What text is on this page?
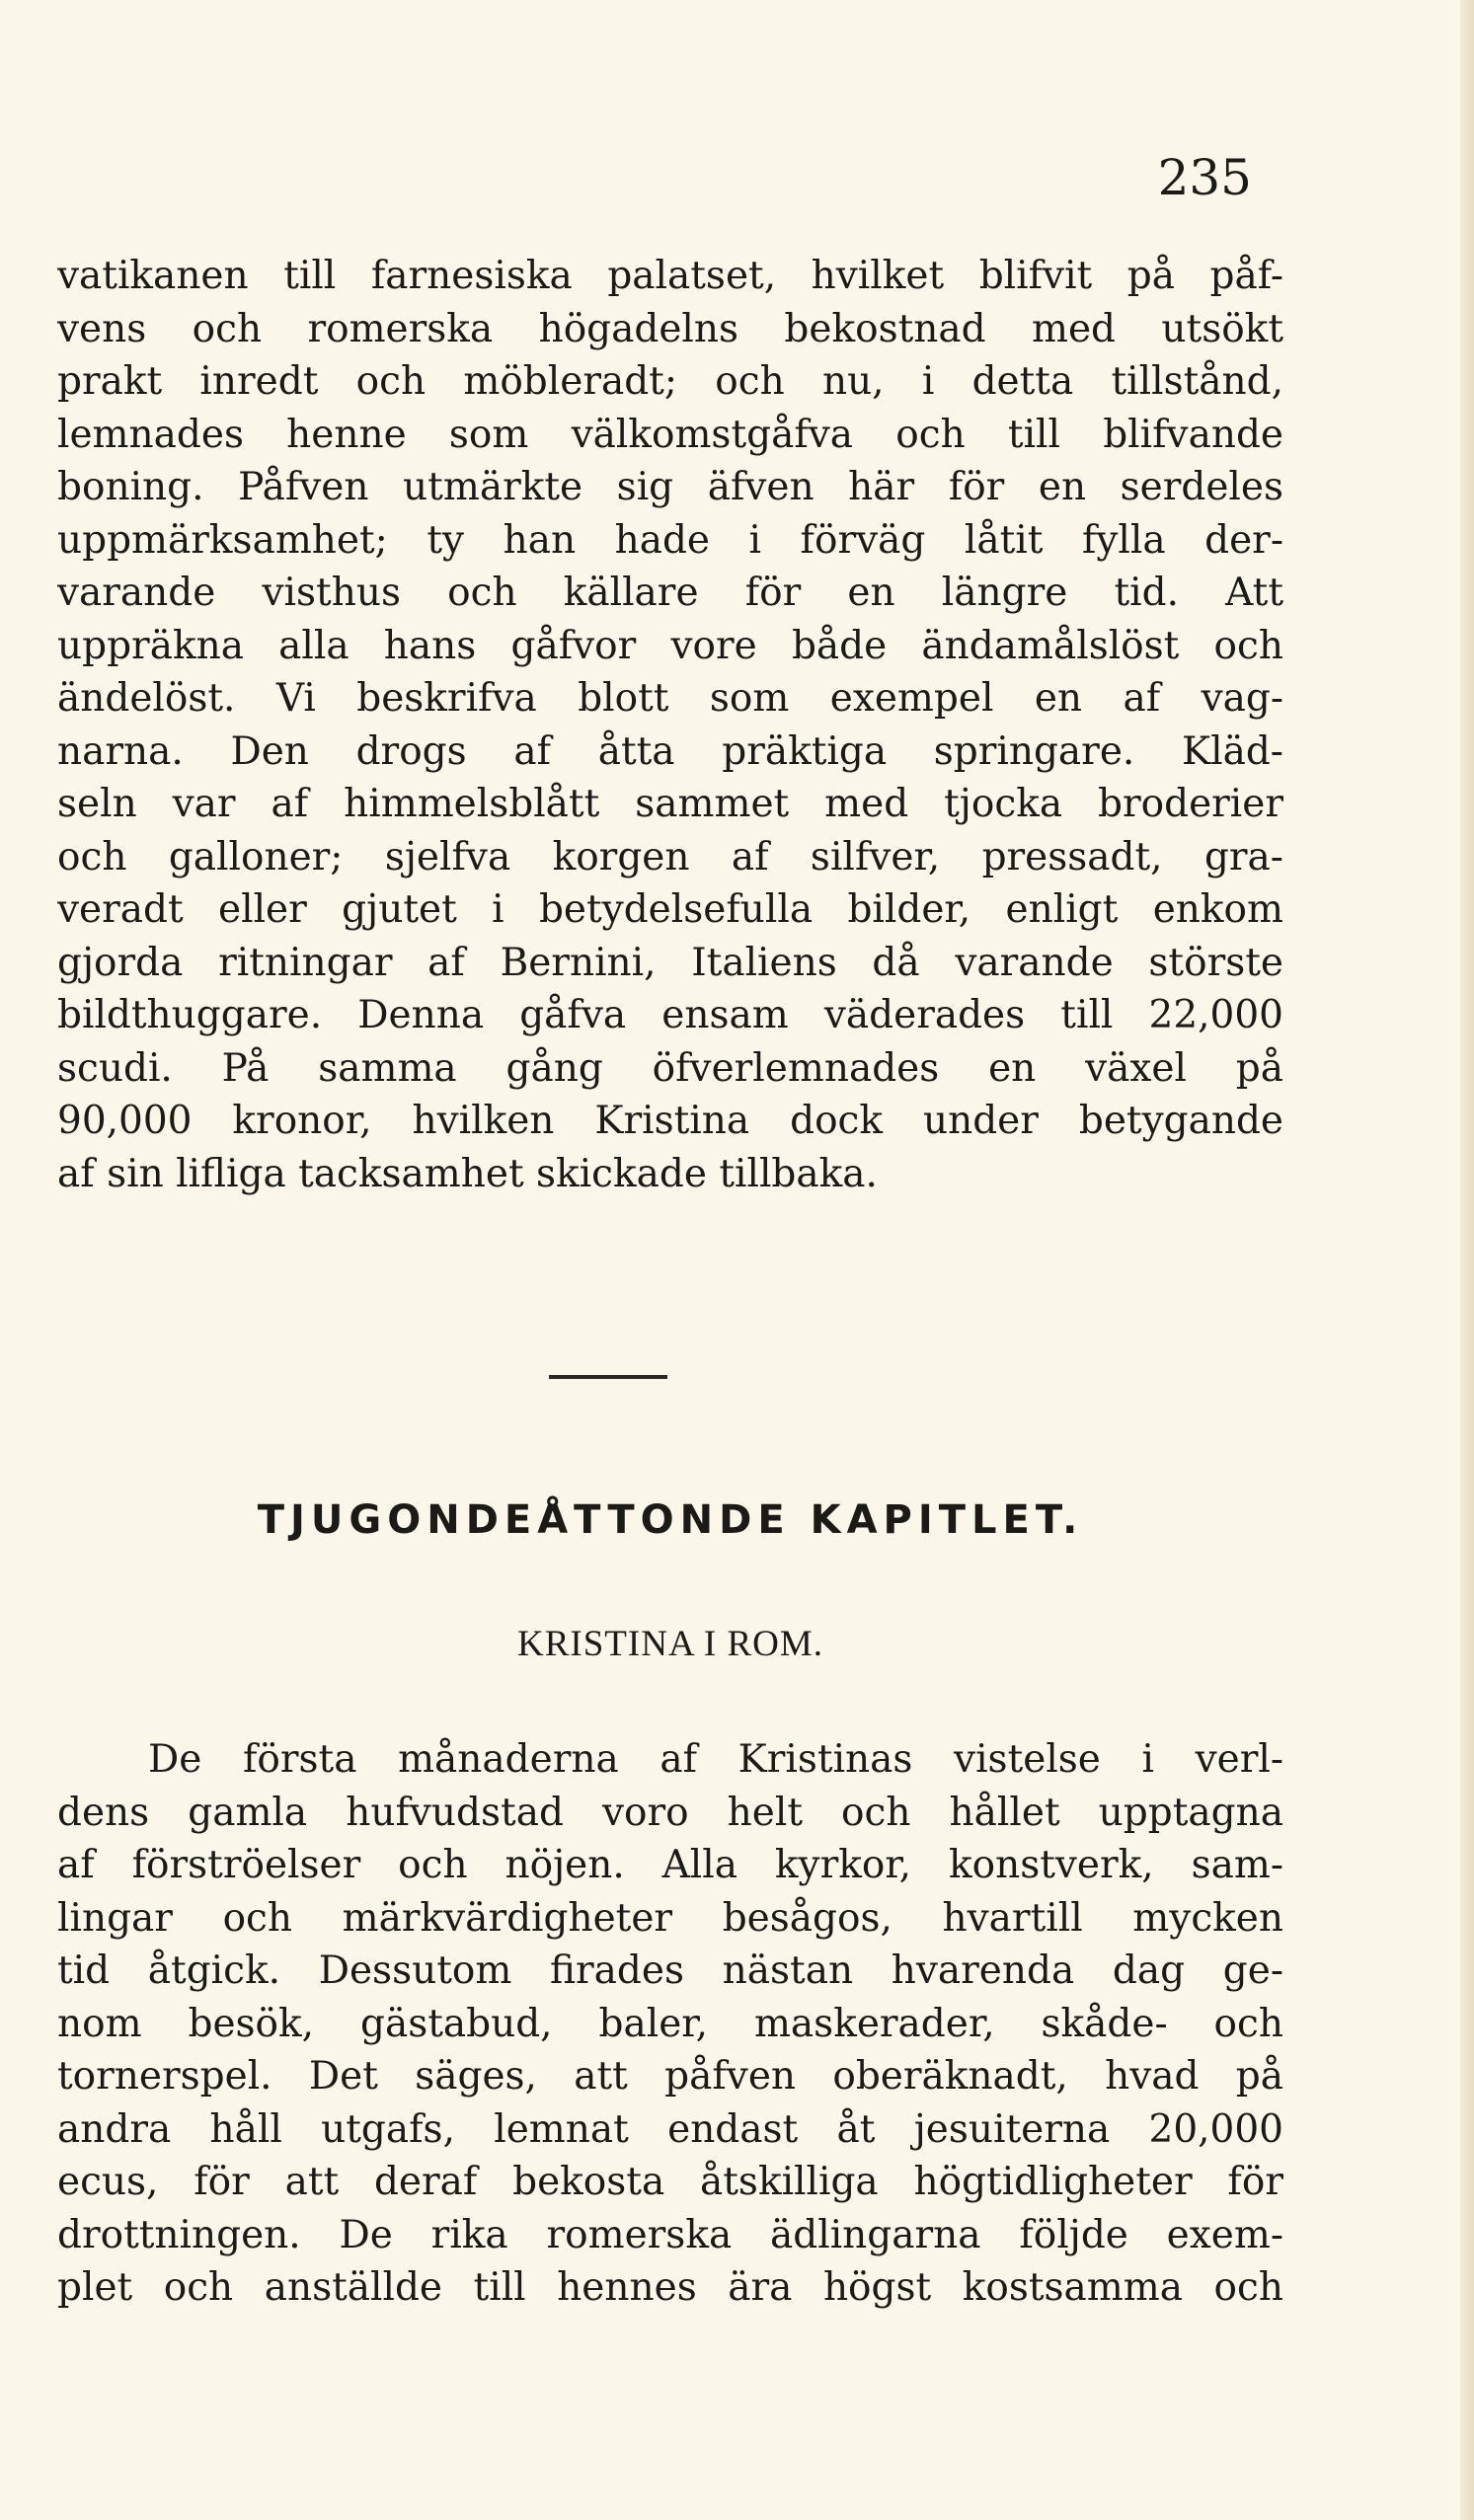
235
vatikanen till farnesiska palatset, hvilket blifvit på påf-
vens och romerska högadelns bekostnad med utsökt
prakt inredt och möbleradt; och nu, i detta tillstånd,
lemnades henne som välkomstgåfva och till blifvande
boning. Påfven utmärkte sig äfven här för en serdeles
uppmärksamhet; ty han hade i förväg låtit fylla der-
varande visthus och källare för en längre tid. Att
uppräkna alla hans gåfvor vore både ändamålslöst och
ändelöst. Vi beskrifva blott som exempel en af vag-
narna. Den drogs af åtta präktiga springare. Kläd-
seln var af himmelsblått sammet med tjocka broderier
och galloner; sjelfva korgen af silfver, pressadt, gra-
veradt eller gjutet i betydelsefulla bilder, enligt enkom
gjorda ritningar af Bernini, Italiens då varande störste
bildthuggare. Denna gåfva ensam väderades till 22,000
scudi. På samma gång öfverlemnades en växel på
90,000 kronor, hvilken Kristina dock under betygande
af sin lifliga tacksamhet skickade tillbaka.
TJUGONDEÅTTONDE KAPITLET.
KRISTINA I ROM.
De första månaderna af Kristinas vistelse i verl-
dens gamla hufvudstad voro helt och hållet upptagna
af förströelser och nöjen. Alla kyrkor, konstverk, sam-
lingar och märkvärdigheter besågos, hvartill mycken
tid åtgick. Dessutom firades nästan hvarenda dag ge-
nom besök, gästabud, baler, maskerader, skåde- och
tornerspel. Det säges, att påfven oberäknadt, hvad på
andra håll utgafs, lemnat endast åt jesuiterna 20,000
ecus, för att deraf bekosta åtskilliga högtidligheter för
drottningen. De rika romerska ädlingarna följde exem-
plet och anställde till hennes ära högst kostsamma och
